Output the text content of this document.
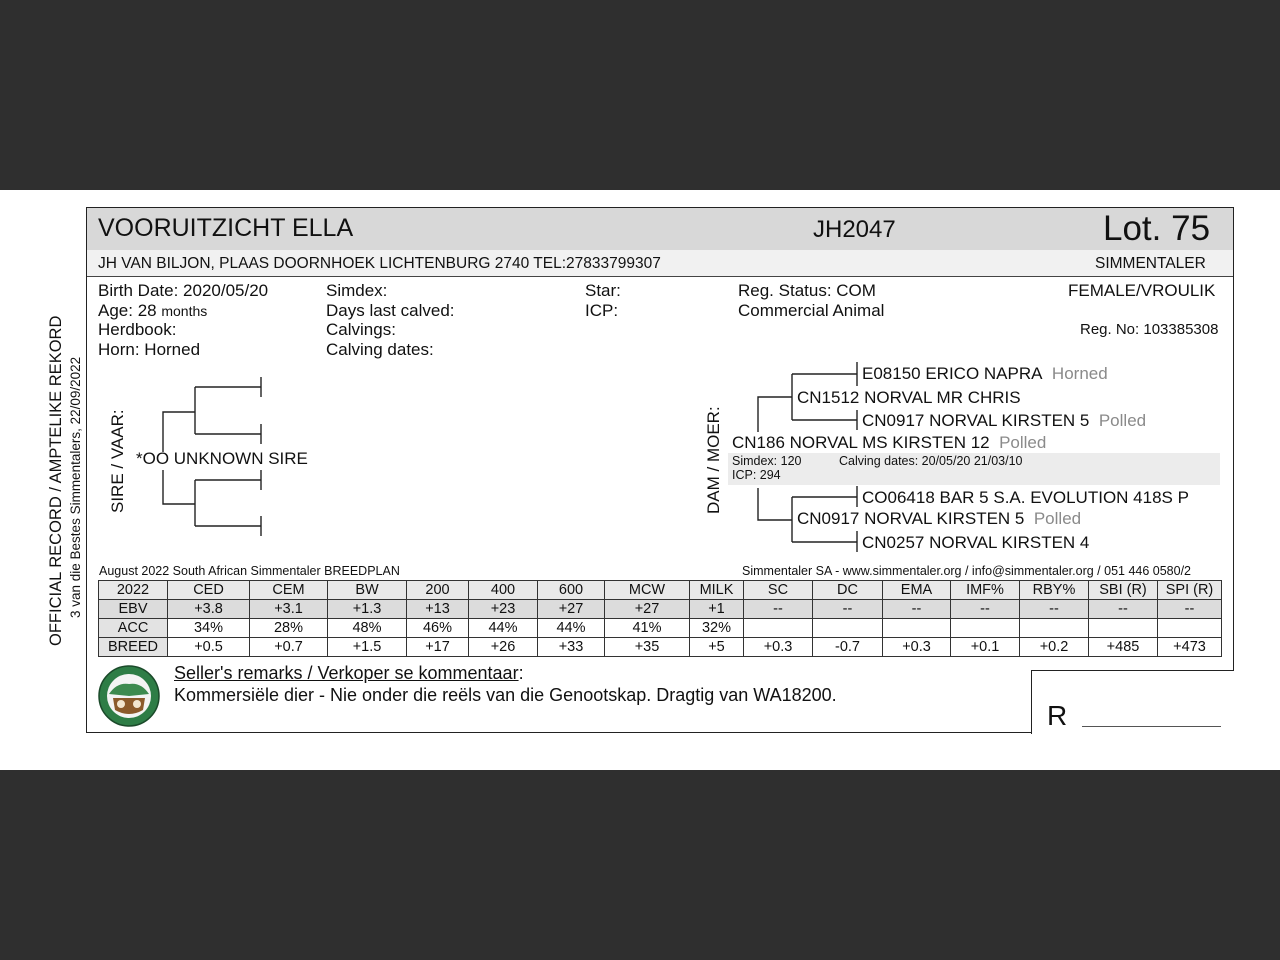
OFFICIAL RECORD / AMPTELIKE REKORD 3 van die Bestes Simmentalers, 22/09/2022
VOORUITZICHT ELLA	JH2047	Lot. 75
JH VAN BILJON, PLAAS DOORNHOEK LICHTENBURG 2740 TEL:27833799307	SIMMENTALER
Birth Date: 2020/05/20
Age: 28 months
Herdbook:
Horn: Horned
Simdex:
Days last calved:
Calvings:
Calving dates:
Star:
ICP:
Reg. Status: COM
Commercial Animal
FEMALE/VROULIK
Reg. No: 103385308
SIRE / VAAR: *OO UNKNOWN SIRE	DAM / MOER:
E08150 ERICO NAPRA Horned
CN1512 NORVAL MR CHRIS
CN0917 NORVAL KIRSTEN 5 Polled
CN186 NORVAL MS KIRSTEN 12 Polled
Simdex: 120	Calving dates: 20/05/20 21/03/10
ICP: 294
CO06418 BAR 5 S.A. EVOLUTION 418S P
CN0917 NORVAL KIRSTEN 5 Polled
CN0257 NORVAL KIRSTEN 4
August 2022 South African Simmentaler BREEDPLAN	Simmentaler SA - www.simmentaler.org / info@simmentaler.org / 051 446 0580/2
2022	CED	CEM	BW	200	400	600	MCW	MILK	SC	DC	EMA	IMF%	RBY%	SBI (R)	SPI (R)
EBV	+3.8	+3.1	+1.3	+13	+23	+27	+27	+1	--	--	--	--	--	--	--
ACC	34%	28%	48%	46%	44%	44%	41%	32%							
BREED	+0.5	+0.7	+1.5	+17	+26	+33	+35	+5	+0.3	-0.7	+0.3	+0.1	+0.2	+485	+473
Seller's remarks / Verkoper se kommentaar:
Kommersiële dier - Nie onder die reëls van die Genootskap. Dragtig van WA18200.
R
